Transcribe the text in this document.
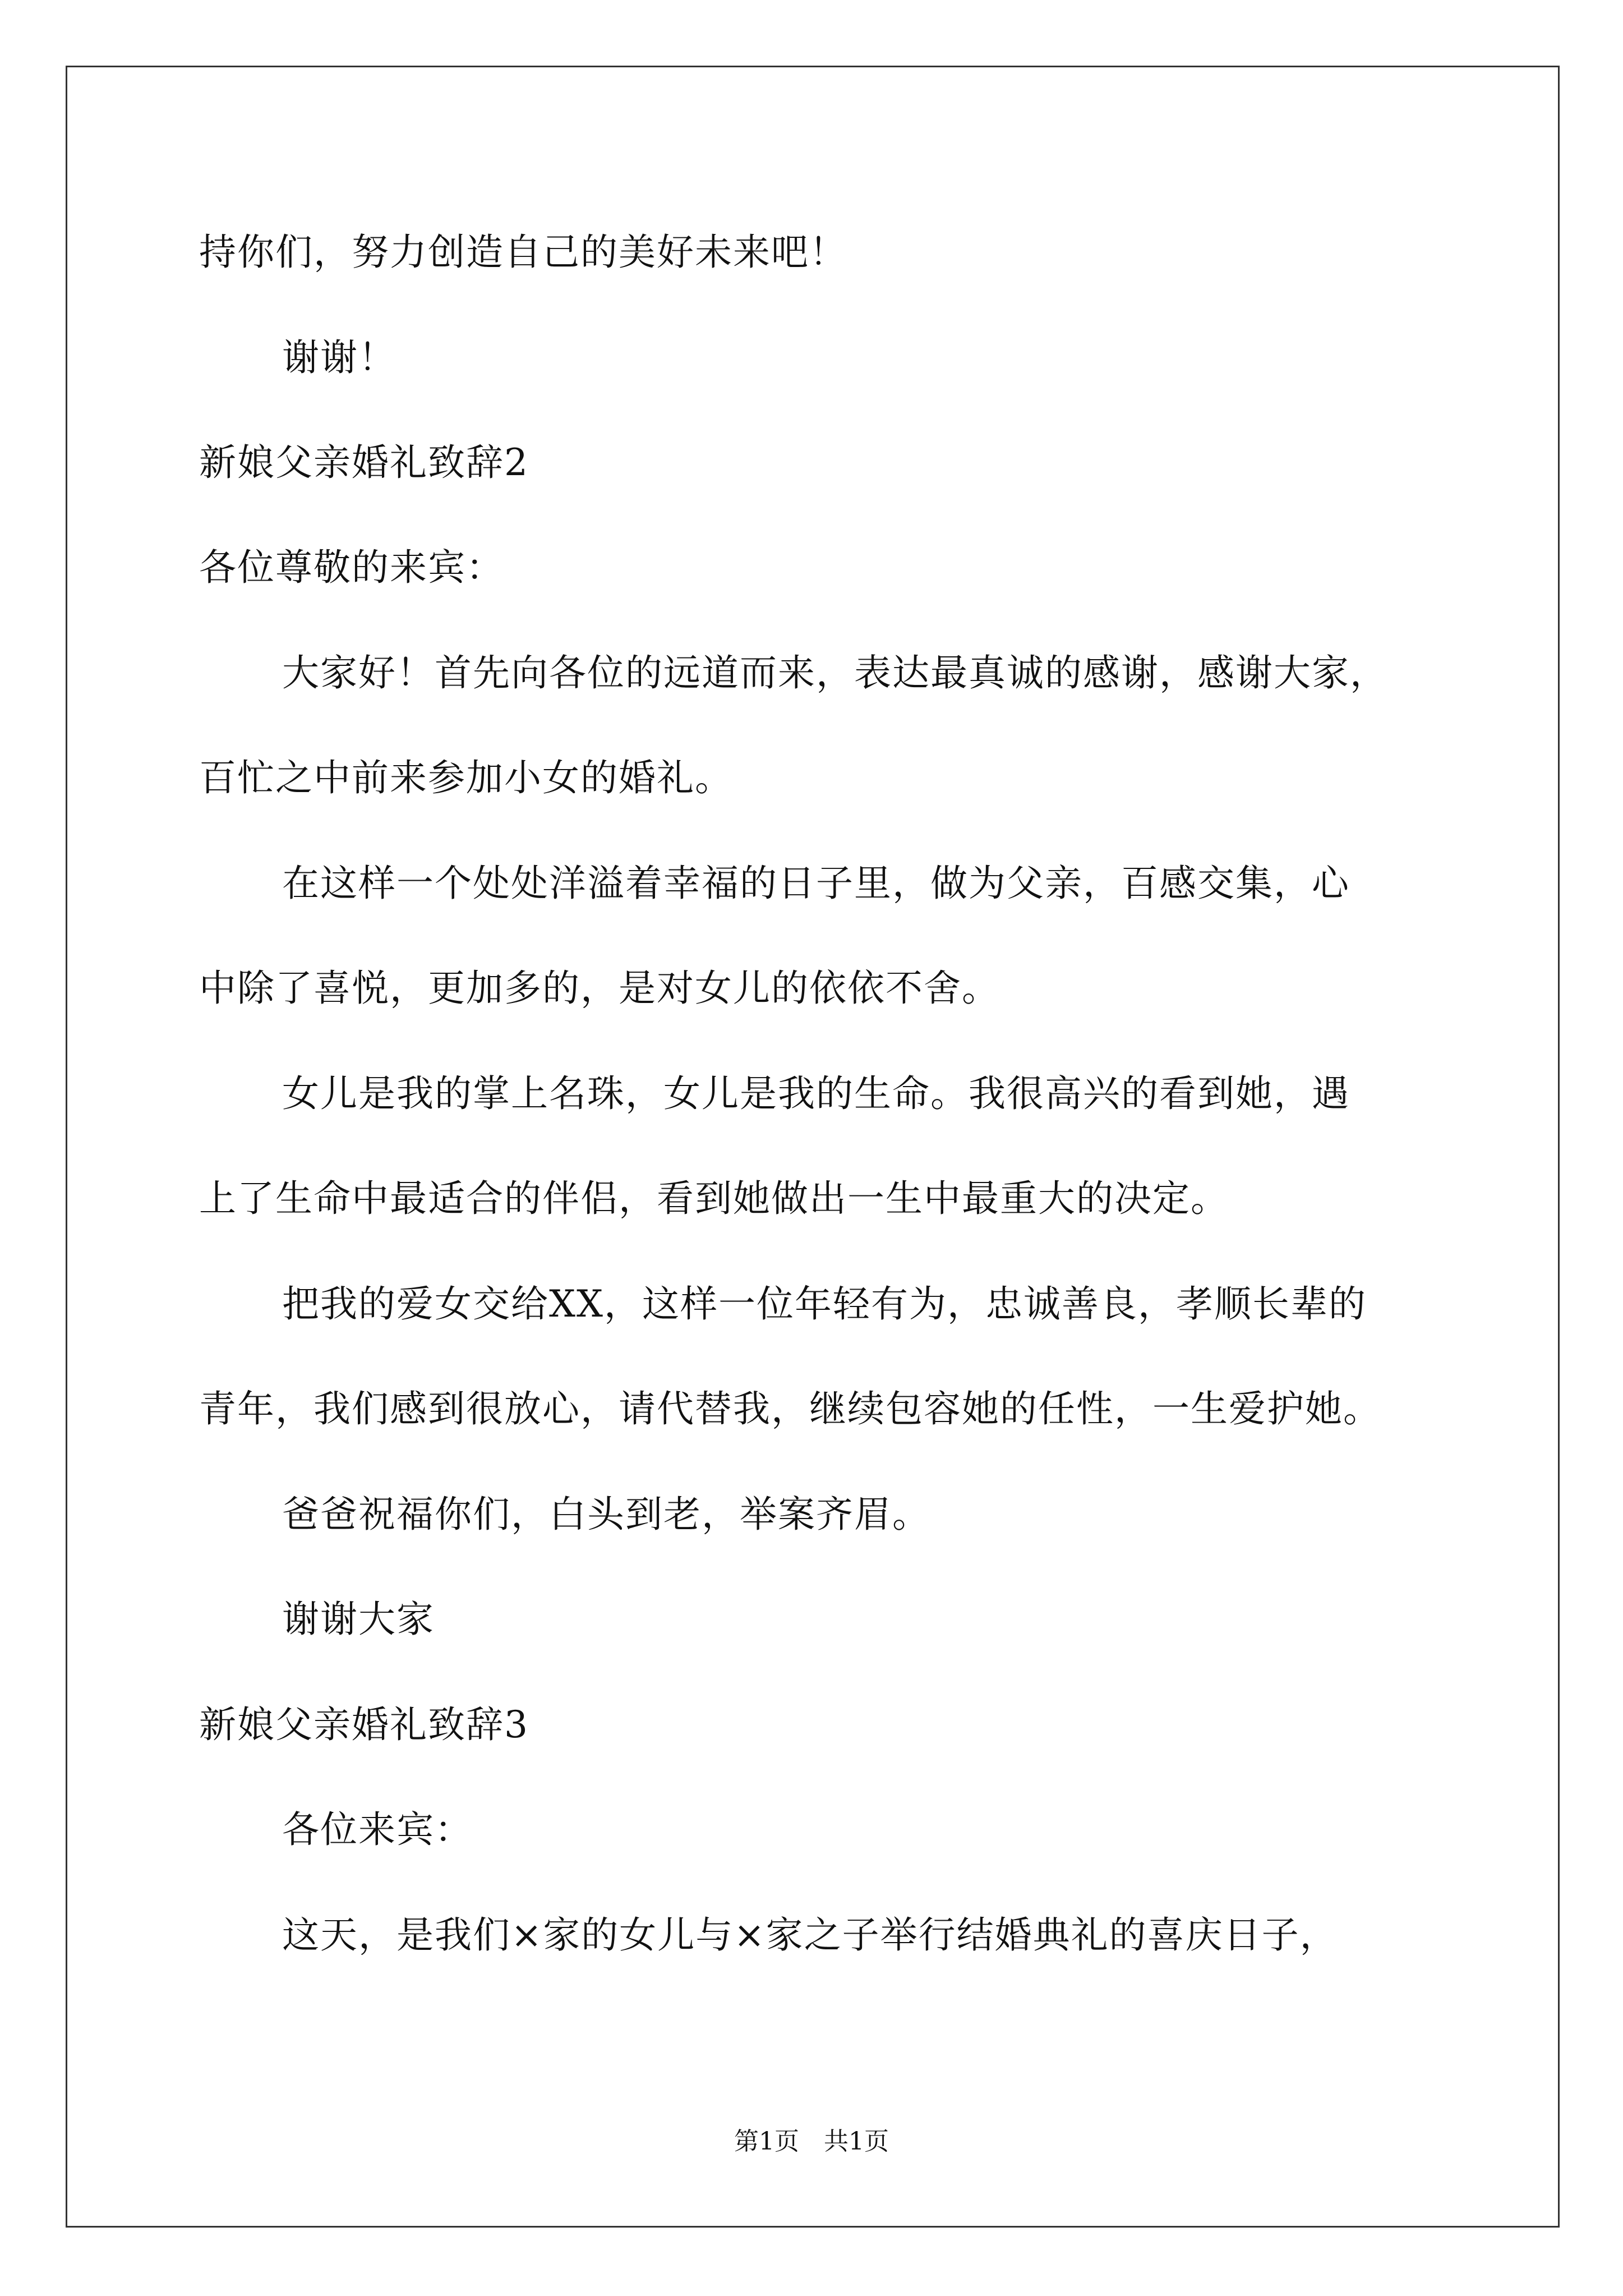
持你们，努力创造自己的美好未来吧！
谢谢！
新娘父亲婚礼致辞2
各位尊敬的来宾：
大家好！首先向各位的远道而来，表达最真诚的感谢，感谢大家，
百忙之中前来参加小女的婚礼。
在这样一个处处洋溢着幸福的日子里，做为父亲，百感交集，心
中除了喜悦，更加多的，是对女儿的依依不舍。
女儿是我的掌上名珠，女儿是我的生命。我很高兴的看到她，遇
上了生命中最适合的伴侣，看到她做出一生中最重大的决定。
把我的爱女交给XX，这样一位年轻有为，忠诚善良，孝顺长辈的
青年，我们感到很放心，请代替我，继续包容她的任性，一生爱护她。
爸爸祝福你们，白头到老，举案齐眉。
谢谢大家
新娘父亲婚礼致辞3
各位来宾：
这天，是我们×家的女儿与×家之子举行结婚典礼的喜庆日子，
第1页　共1页
